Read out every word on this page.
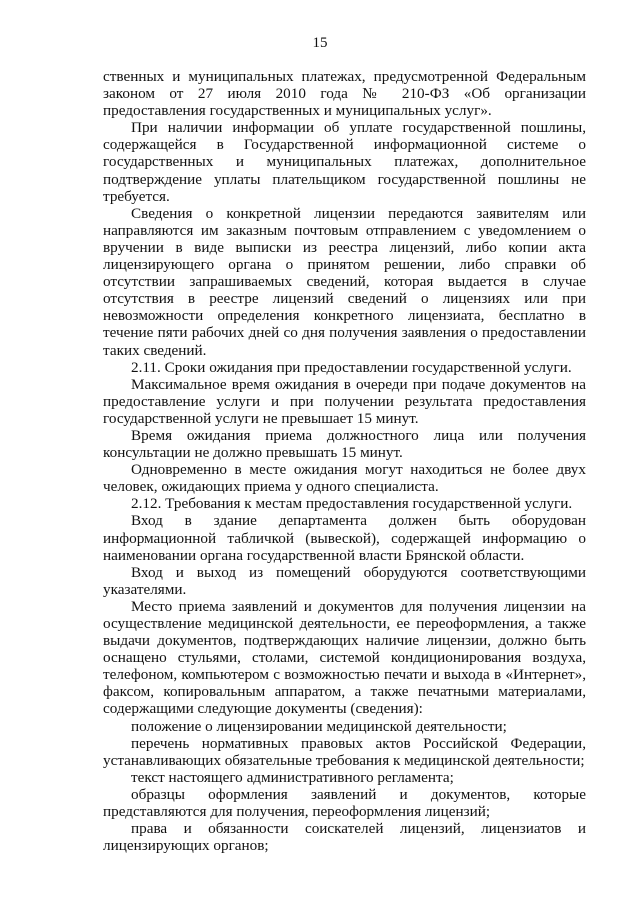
15

ственных и муниципальных платежах, предусмотренной Федеральным законом от 27 июля 2010 года № 210-ФЗ «Об организации предоставления государственных и муниципальных услуг».

При наличии информации об уплате государственной пошлины, содержащейся в Государственной информационной системе о государственных и муниципальных платежах, дополнительное подтверждение уплаты плательщиком государственной пошлины не требуется.

Сведения о конкретной лицензии передаются заявителям или направляются им заказным почтовым отправлением с уведомлением о вручении в виде выписки из реестра лицензий, либо копии акта лицензирующего органа о принятом решении, либо справки об отсутствии запрашиваемых сведений, которая выдается в случае отсутствия в реестре лицензий сведений о лицензиях или при невозможности определения конкретного лицензиата, бесплатно в течение пяти рабочих дней со дня получения заявления о предоставлении таких сведений.

2.11. Сроки ожидания при предоставлении государственной услуги.

Максимальное время ожидания в очереди при подаче документов на предоставление услуги и при получении результата предоставления государственной услуги не превышает 15 минут.

Время ожидания приема должностного лица или получения консультации не должно превышать 15 минут.

Одновременно в месте ожидания могут находиться не более двух человек, ожидающих приема у одного специалиста.

2.12. Требования к местам предоставления государственной услуги.

Вход в здание департамента должен быть оборудован информационной табличкой (вывеской), содержащей информацию о наименовании органа государственной власти Брянской области.

Вход и выход из помещений оборудуются соответствующими указателями.

Место приема заявлений и документов для получения лицензии на осуществление медицинской деятельности, ее переоформления, а также выдачи документов, подтверждающих наличие лицензии, должно быть оснащено стульями, столами, системой кондиционирования воздуха, телефоном, компьютером с возможностью печати и выхода в «Интернет», факсом, копировальным аппаратом, а также печатными материалами, содержащими следующие документы (сведения):

положение о лицензировании медицинской деятельности;

перечень нормативных правовых актов Российской Федерации, устанавливающих обязательные требования к медицинской деятельности;

текст настоящего административного регламента;

образцы оформления заявлений и документов, которые представляются для получения, переоформления лицензий;

права и обязанности соискателей лицензий, лицензиатов и лицензирующих органов;
